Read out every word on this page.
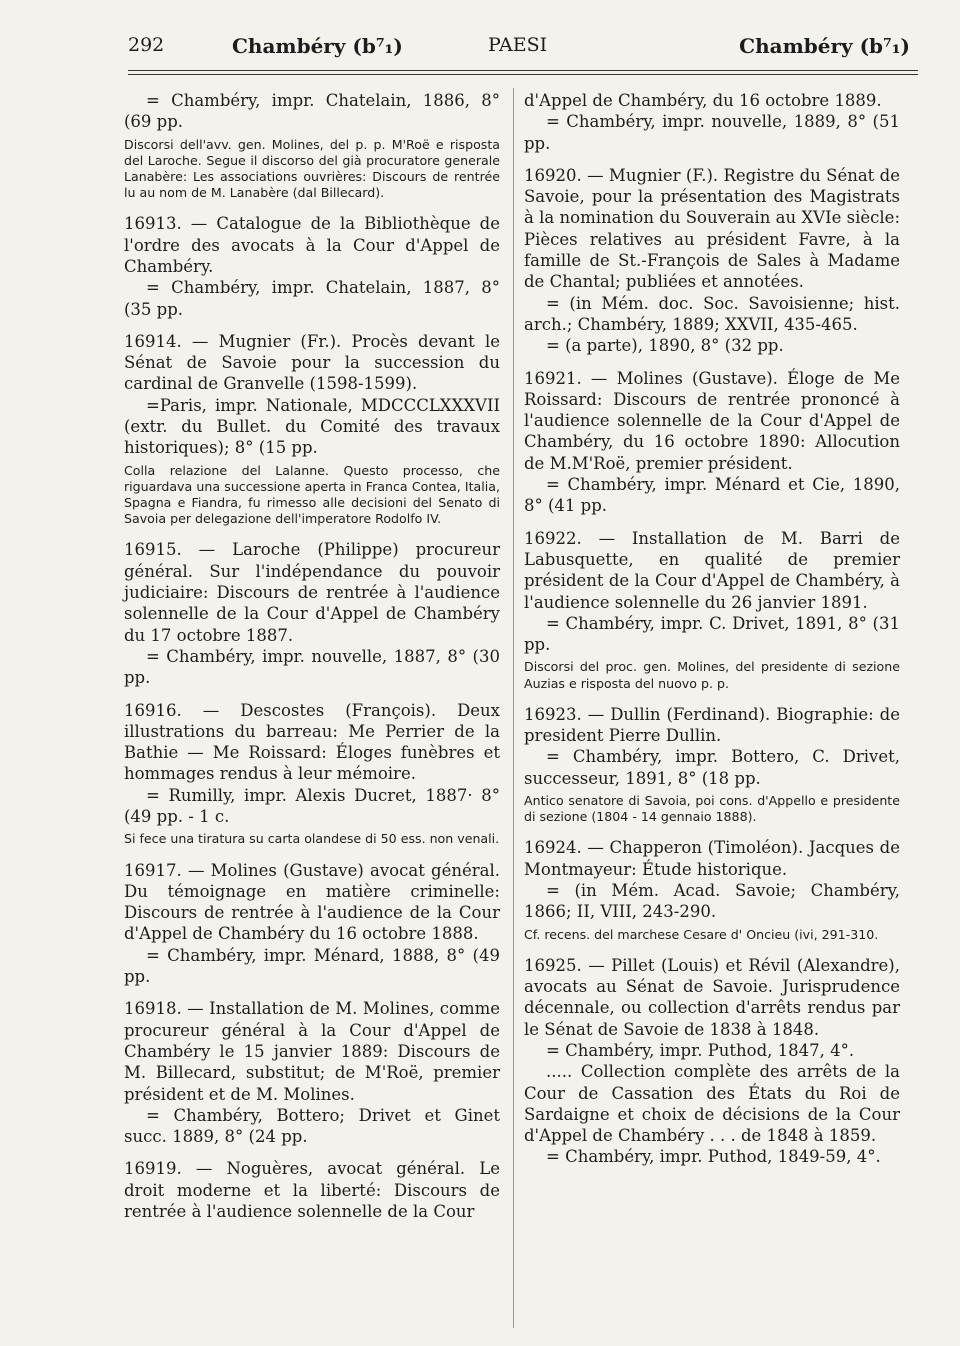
292	Chambéry (b⁷₁)	PAESI	Chambéry (b⁷₁)

= Chambéry, impr. Chatelain, 1886, 8° (69 pp.

Discorsi dell'avv. gen. Molines, del p. p. M'Roë e risposta del Laroche. Segue il discorso del già procuratore generale Lanabère: Les associations ouvrières: Discours de rentrée lu au nom de M. Lanabère (dal Billecard).

16913. — Catalogue de la Bibliothèque de l'ordre des avocats à la Cour d'Appel de Chambéry.

= Chambéry, impr. Chatelain, 1887, 8° (35 pp.

16914. — Mugnier (Fr.). Procès devant le Sénat de Savoie pour la succession du cardinal de Granvelle (1598-1599).

=Paris, impr. Nationale, MDCCCLXXXVII (extr. du Bullet. du Comité des travaux historiques); 8° (15 pp.

Colla relazione del Lalanne. Questo processo, che riguardava una successione aperta in Franca Contea, Italia, Spagna e Fiandra, fu rimesso alle decisioni del Senato di Savoia per delegazione dell'imperatore Rodolfo IV.

16915. — Laroche (Philippe) procureur général. Sur l'indépendance du pouvoir judiciaire: Discours de rentrée à l'audience solennelle de la Cour d'Appel de Chambéry du 17 octobre 1887.

= Chambéry, impr. nouvelle, 1887, 8° (30 pp.

16916. — Descostes (François). Deux illustrations du barreau: Me Perrier de la Bathie — Me Roissard: Éloges funèbres et hommages rendus à leur mémoire.

= Rumilly, impr. Alexis Ducret, 1887· 8° (49 pp. - 1 c.

Si fece una tiratura su carta olandese di 50 ess. non venali.

16917. — Molines (Gustave) avocat général. Du témoignage en matière criminelle: Discours de rentrée à l'audience de la Cour d'Appel de Chambéry du 16 octobre 1888.

= Chambéry, impr. Ménard, 1888, 8° (49 pp.

16918. — Installation de M. Molines, comme procureur général à la Cour d'Appel de Chambéry le 15 janvier 1889: Discours de M. Billecard, substitut; de M'Roë, premier président et de M. Molines.

= Chambéry, Bottero; Drivet et Ginet succ. 1889, 8° (24 pp.

16919. — Noguères, avocat général. Le droit moderne et la liberté: Discours de rentrée à l'audience solennelle de la Cour

d'Appel de Chambéry, du 16 octobre 1889.

= Chambéry, impr. nouvelle, 1889, 8° (51 pp.

16920. — Mugnier (F.). Registre du Sénat de Savoie, pour la présentation des Magistrats à la nomination du Souverain au XVIe siècle: Pièces relatives au président Favre, à la famille de St.-François de Sales à Madame de Chantal; publiées et annotées.

= (in Mém. doc. Soc. Savoisienne; hist. arch.; Chambéry, 1889; XXVII, 435-465.

= (a parte), 1890, 8° (32 pp.

16921. — Molines (Gustave). Éloge de Me Roissard: Discours de rentrée prononcé à l'audience solennelle de la Cour d'Appel de Chambéry, du 16 octobre 1890: Allocution de M.M'Roë, premier président.

= Chambéry, impr. Ménard et Cie, 1890, 8° (41 pp.

16922. — Installation de M. Barri de Labusquette, en qualité de premier président de la Cour d'Appel de Chambéry, à l'audience solennelle du 26 janvier 1891.

= Chambéry, impr. C. Drivet, 1891, 8° (31 pp.

Discorsi del proc. gen. Molines, del presidente di sezione Auzias e risposta del nuovo p. p.

16923. — Dullin (Ferdinand). Biographie: de president Pierre Dullin.

= Chambéry, impr. Bottero, C. Drivet, successeur, 1891, 8° (18 pp.

Antico senatore di Savoia, poi cons. d'Appello e presidente di sezione (1804 - 14 gennaio 1888).

16924. — Chapperon (Timoléon). Jacques de Montmayeur: Étude historique.

= (in Mém. Acad. Savoie; Chambéry, 1866; II, VIII, 243-290.

Cf. recens. del marchese Cesare d' Oncieu (ivi, 291-310.

16925. — Pillet (Louis) et Révil (Alexandre), avocats au Sénat de Savoie. Jurisprudence décennale, ou collection d'arrêts rendus par le Sénat de Savoie de 1838 à 1848.

= Chambéry, impr. Puthod, 1847, 4°.

..... Collection complète des arrêts de la Cour de Cassation des États du Roi de Sardaigne et choix de décisions de la Cour d'Appel de Chambéry . . . de 1848 à 1859.

= Chambéry, impr. Puthod, 1849-59, 4°.
